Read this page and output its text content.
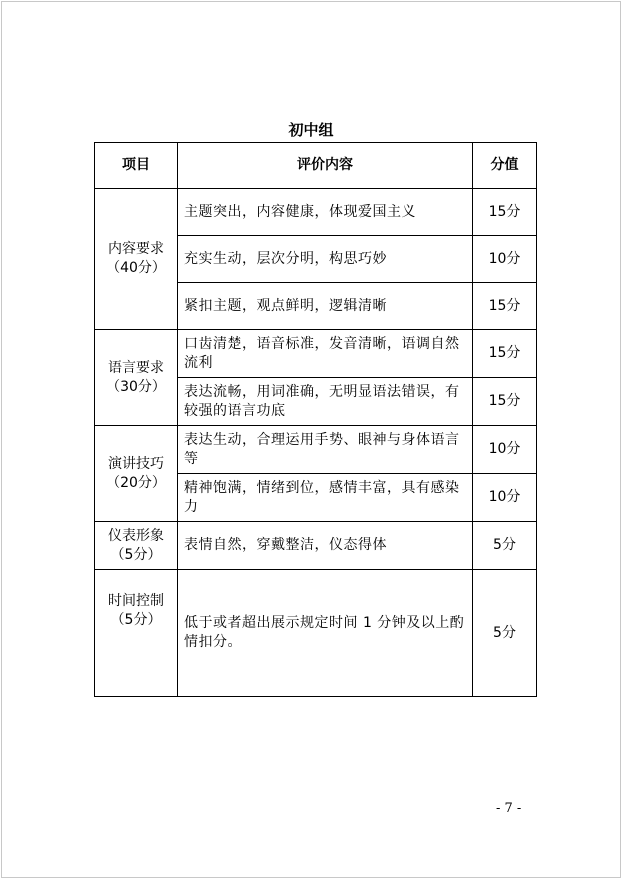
初中组
项目	评价内容	分值

内容要求
（40分）	主题突出，内容健康，体现爱国主义	15分
	充实生动，层次分明，构思巧妙	10分
	紧扣主题，观点鲜明，逻辑清晰	15分

语言要求
（30分）	口齿清楚，语音标准，发音清晰，语调自然流利	15分
	表达流畅，用词准确，无明显语法错误，有较强的语言功底	15分

演讲技巧
（20分）	表达生动，合理运用手势、眼神与身体语言等	10分
	精神饱满，情绪到位，感情丰富，具有感染力	10分

仪表形象
（5分）	表情自然，穿戴整洁，仪态得体	5分

时间控制
（5分）	低于或者超出展示规定时间 1 分钟及以上酌情扣分。	5分
- 7 -
